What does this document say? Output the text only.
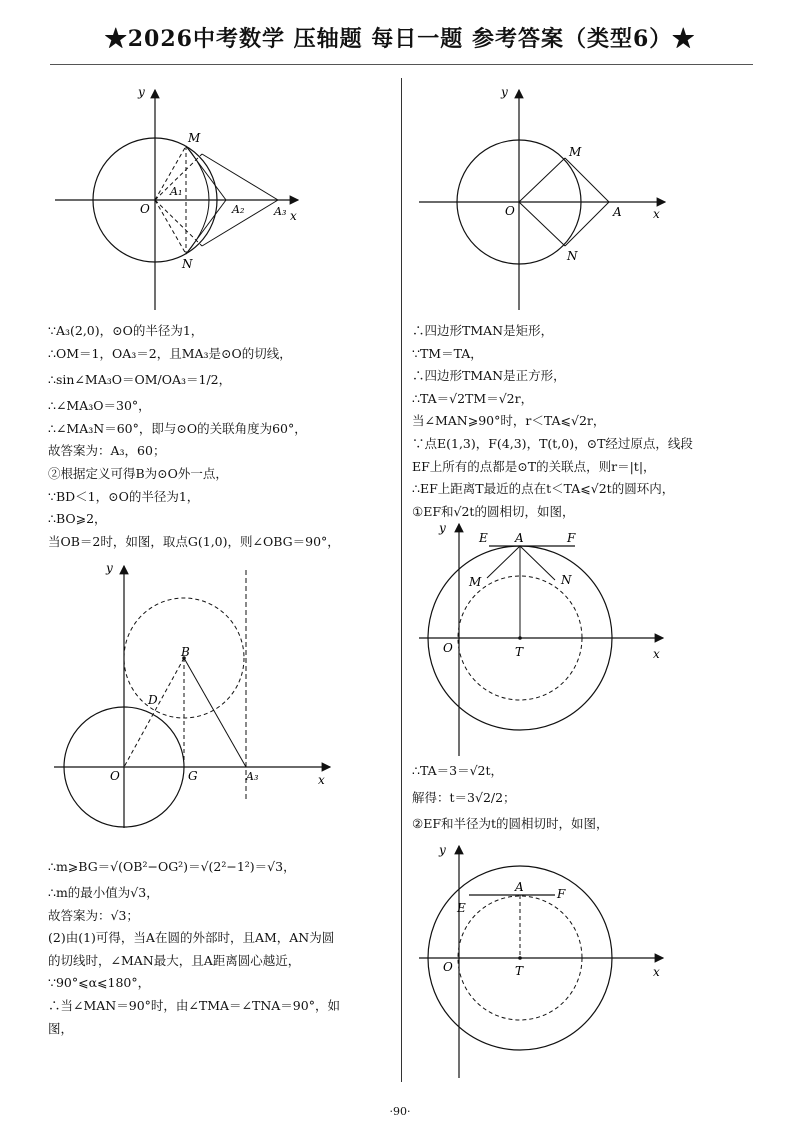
★2026中考数学 压轴题 每日一题 参考答案（类型6）★
y
x
M
N
O
A₁
A₂	A₃
∵A₃(2,0)，⊙O的半径为1，
∴OM＝1，OA₃＝2，且MA₃是⊙O的切线，
∴sin∠MA₃O＝OM/OA₃＝1/2，
∴∠MA₃O＝30°，
∴∠MA₃N＝60°，即与⊙O的关联角度为60°，
故答案为：A₃，60；
②根据定义可得B为⊙O外一点，
∵BD＜1，⊙O的半径为1，
∴BO⩾2，
当OB＝2时，如图，取点G(1,0)，则∠OBG＝90°，
y
x
O
B
D
G	A₃
∴m⩾BG＝√(OB²−OG²)＝√(2²−1²)＝√3，
∴m的最小值为√3，
故答案为：√3；
(2)由(1)可得，当A在圆的外部时，且AM，AN为圆
的切线时，∠MAN最大，且A距离圆心越近，
∵90°⩽α⩽180°，
∴当∠MAN＝90°时，由∠TMA＝∠TNA＝90°，如
图，
y
x
O
M
N
A
∴四边形TMAN是矩形，
∵TM＝TA，
∴四边形TMAN是正方形，
∴TA＝√2TM＝√2r，
当∠MAN⩾90°时，r＜TA⩽√2r，
∵点E(1,3)，F(4,3)，T(t,0)，⊙T经过原点，线段
EF上所有的点都是⊙T的关联点，则r＝|t|，
∴EF上距离T最近的点在t＜TA⩽√2t的圆环内，
①EF和√2t的圆相切，如图，
y
x
O
E A	F
M	N
T
∴TA＝3＝√2t，
解得：t＝3√2/2；
②EF和半径为t的圆相切时，如图，
y
x
O
E
A	F
T
·90·
